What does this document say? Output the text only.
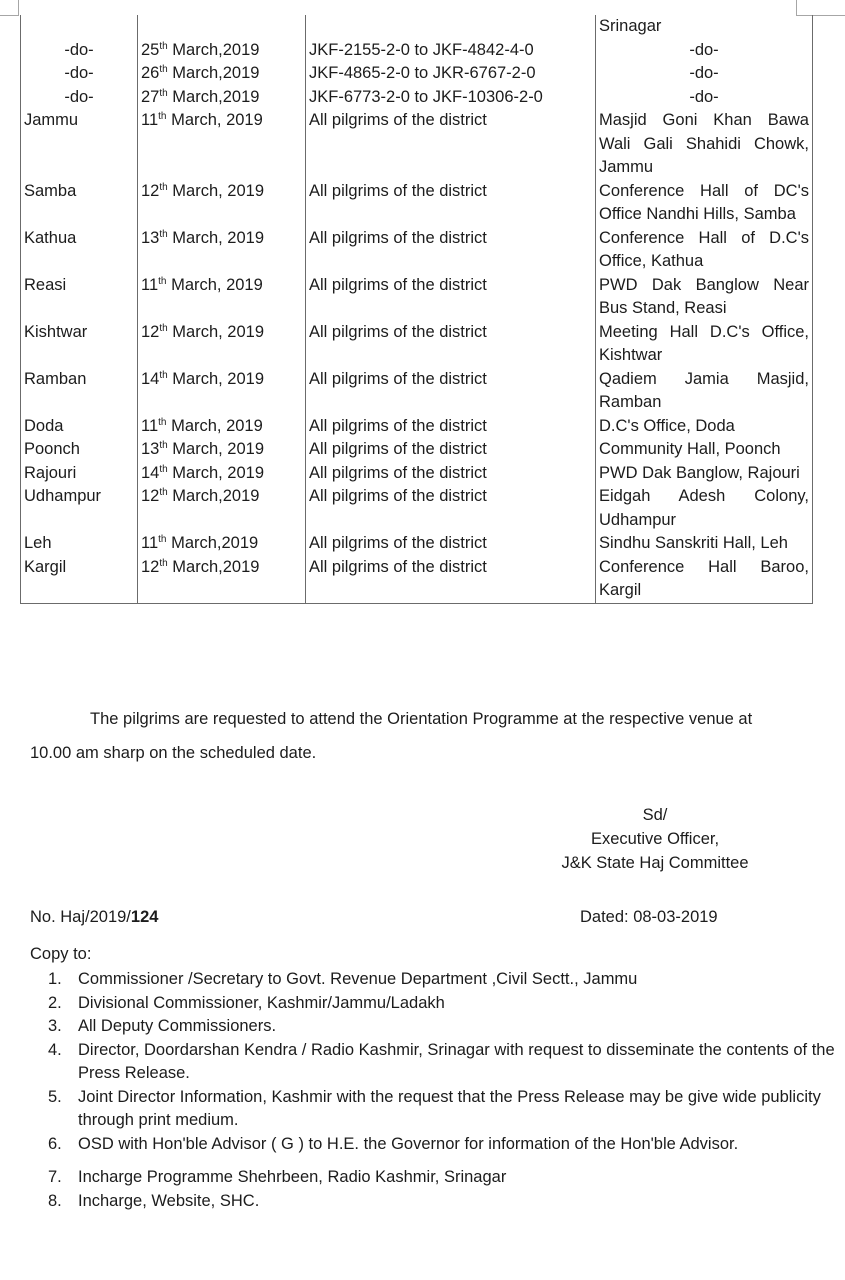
			Srinagar
-do-	25th March,2019	JKF-2155-2-0 to JKF-4842-4-0	-do-
-do-	26th March,2019	JKF-4865-2-0 to JKR-6767-2-0	-do-
-do-	27th March,2019	JKF-6773-2-0 to JKF-10306-2-0	-do-
Jammu	11th March, 2019	All pilgrims of the district	Masjid Goni Khan Bawa Wali Gali Shahidi Chowk, Jammu
Samba	12th March, 2019	All pilgrims of the district	Conference Hall of DC's Office Nandhi Hills, Samba
Kathua	13th March, 2019	All pilgrims of the district	Conference Hall of D.C's Office, Kathua
Reasi	11th March, 2019	All pilgrims of the district	PWD Dak Banglow Near Bus Stand, Reasi
Kishtwar	12th March, 2019	All pilgrims of the district	Meeting Hall D.C's Office, Kishtwar
Ramban	14th March, 2019	All pilgrims of the district	Qadiem Jamia Masjid, Ramban
Doda	11th March, 2019	All pilgrims of the district	D.C's Office, Doda
Poonch	13th March, 2019	All pilgrims of the district	Community Hall, Poonch
Rajouri	14th March, 2019	All pilgrims of the district	PWD Dak Banglow, Rajouri
Udhampur	12th March,2019	All pilgrims of the district	Eidgah Adesh Colony, Udhampur
Leh	11th March,2019	All pilgrims of the district	Sindhu Sanskriti Hall, Leh
Kargil	12th March,2019	All pilgrims of the district	Conference Hall Baroo, Kargil

The pilgrims are requested to attend the Orientation Programme at the respective venue at 10.00 am sharp on the scheduled date.

Sd/
Executive Officer,
J&K State Haj Committee
No. Haj/2019/124	Dated: 08-03-2019
Copy to:
1. Commissioner /Secretary to Govt. Revenue Department ,Civil Sectt., Jammu
2. Divisional Commissioner, Kashmir/Jammu/Ladakh
3. All Deputy Commissioners.
4. Director, Doordarshan Kendra / Radio Kashmir, Srinagar with request to disseminate the contents of the Press Release.
5. Joint Director Information, Kashmir with the request that the Press Release may be give wide publicity through print medium.
6. OSD with Hon'ble Advisor ( G ) to H.E. the Governor for information of the Hon'ble Advisor.
7. Incharge Programme Shehrbeen, Radio Kashmir, Srinagar
8. Incharge, Website, SHC.
